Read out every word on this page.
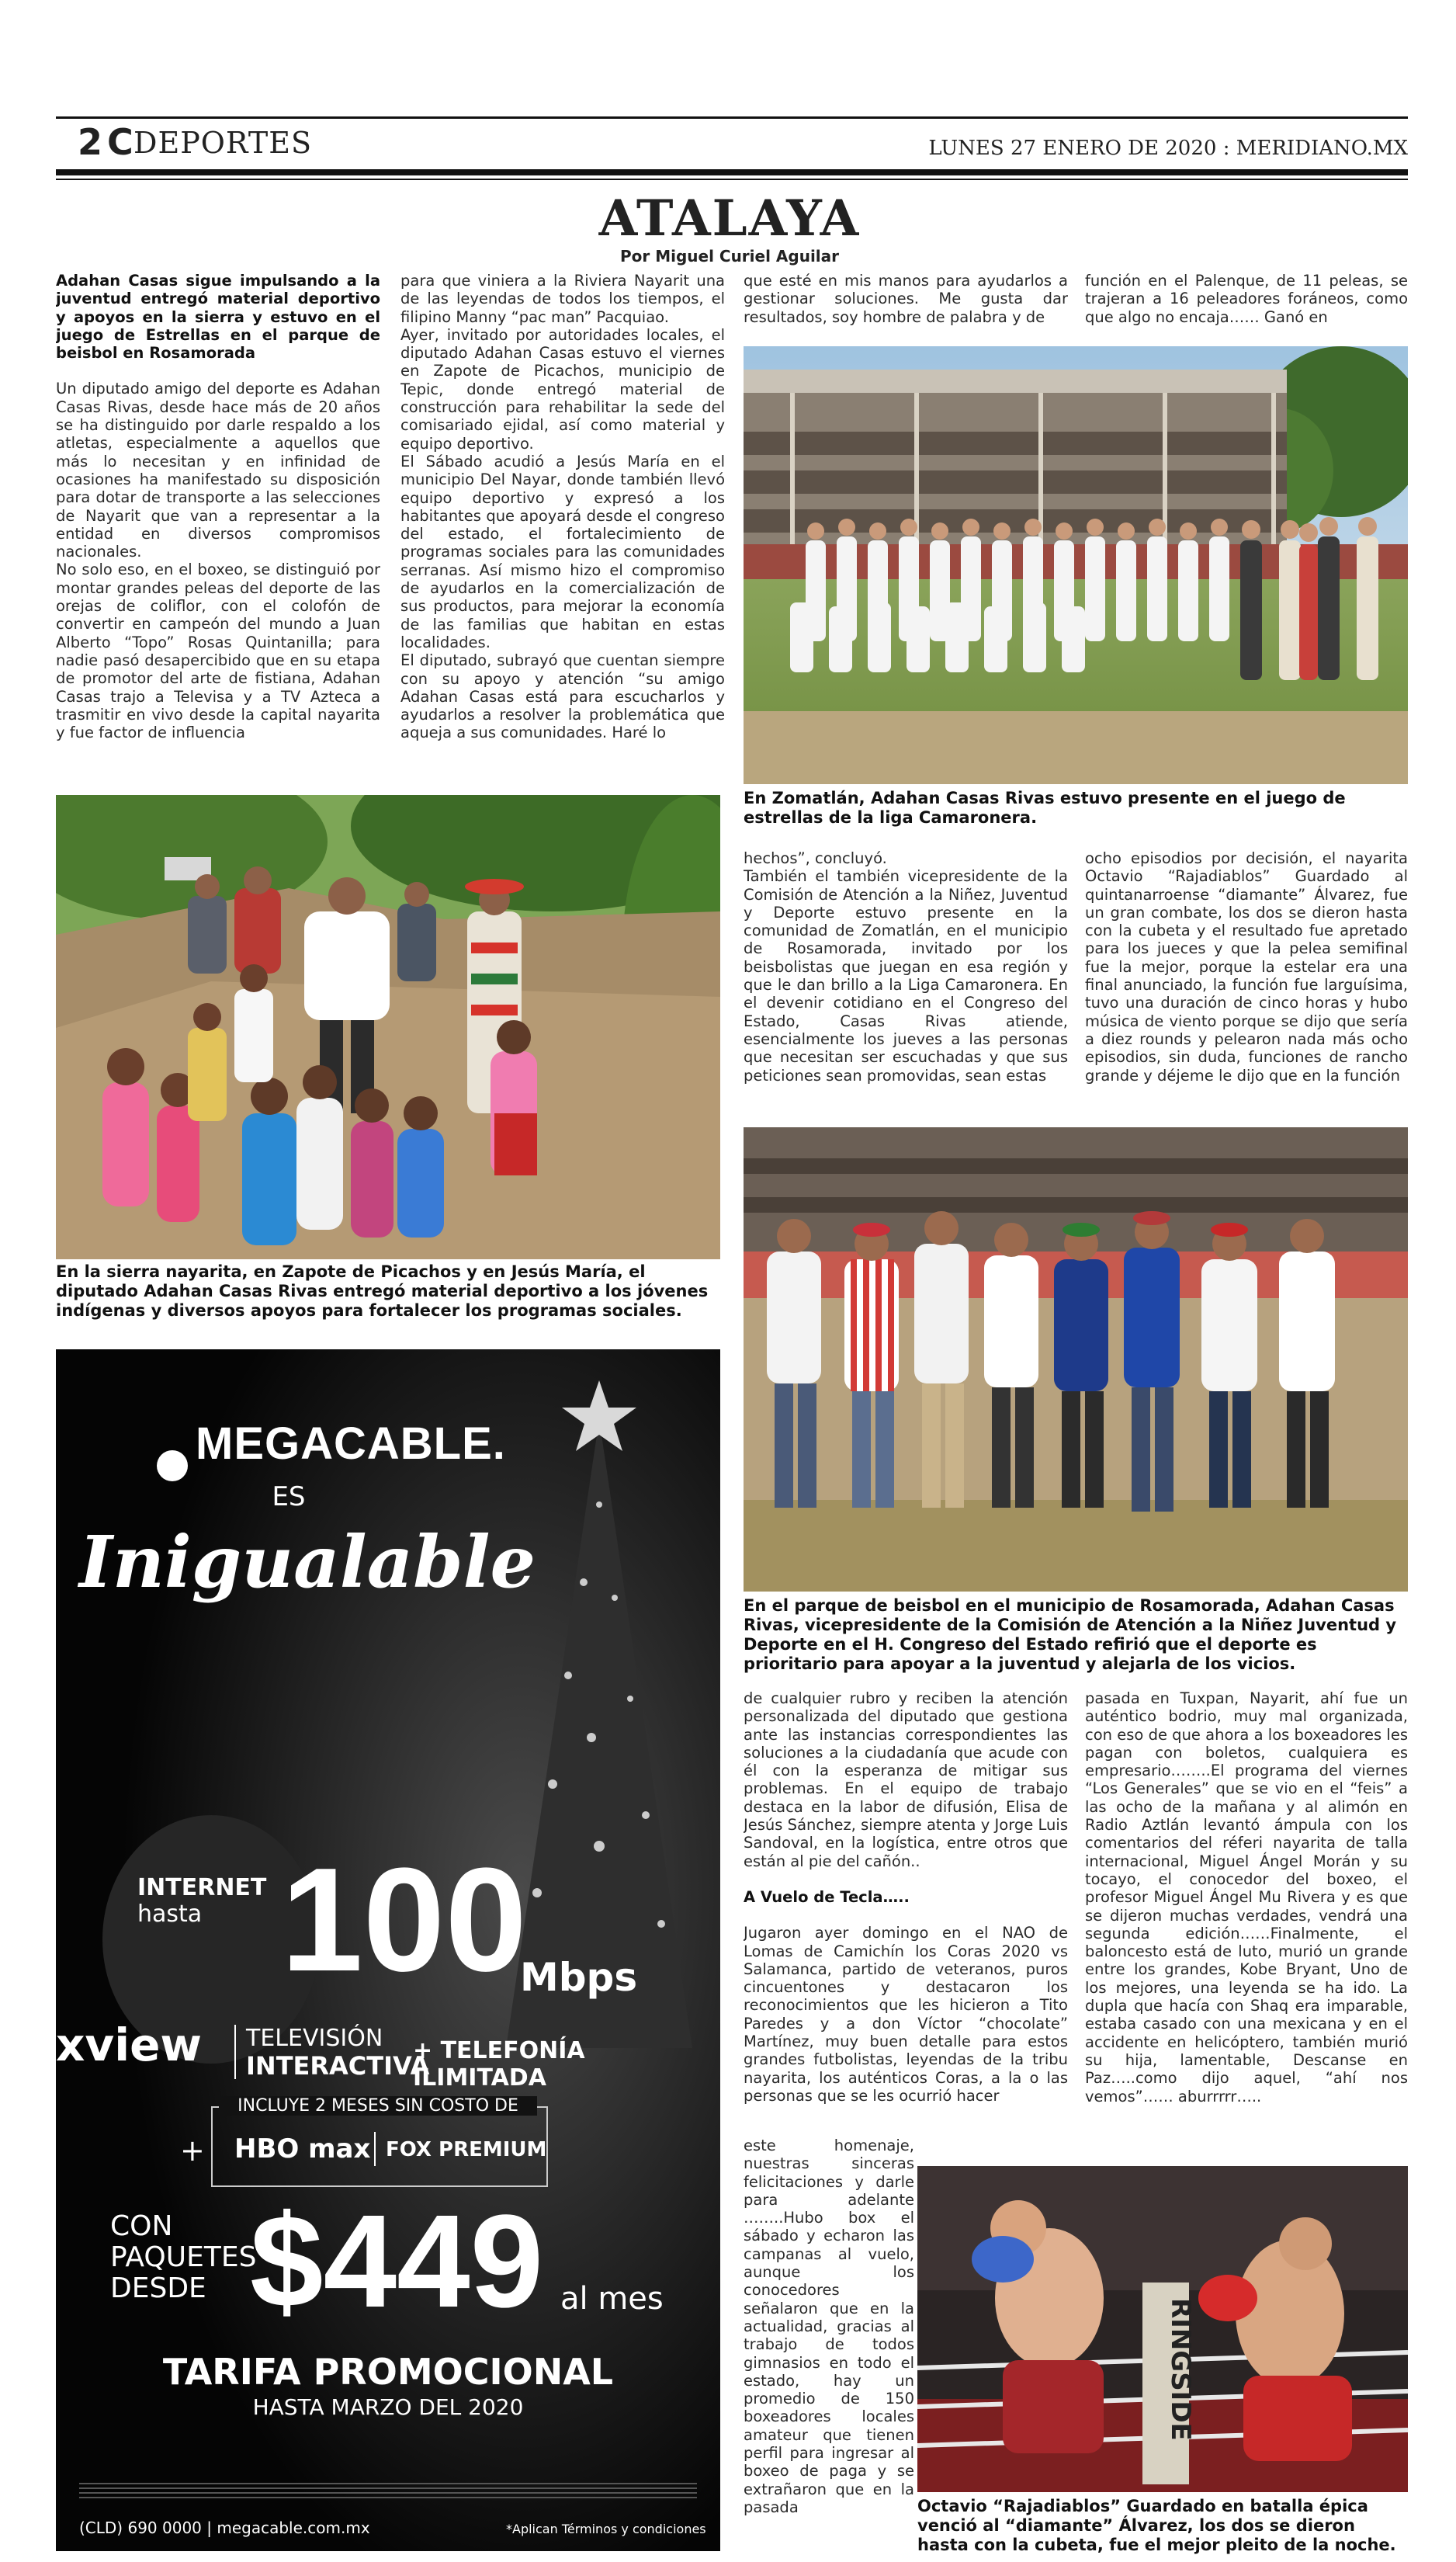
2C
DEPORTES	LUNES 27 ENERO DE 2020 : MERIDIANO.MX
ATALAYA
Por Miguel Curiel Aguilar

Adahan Casas sigue impulsando a la juventud entregó material deportivo y apoyos en la sierra y estuvo en el juego de Estrellas en el parque de beisbol en Rosamorada

Un diputado amigo del deporte es Adahan Casas Rivas, desde hace más de 20 años se ha distinguido por darle respaldo a los atletas, especialmente a aquellos que más lo necesitan y en infinidad de ocasiones ha manifestado su disposición para dotar de transporte a las selecciones de Nayarit que van a representar a la entidad en diversos compromisos nacionales.

No solo eso, en el boxeo, se distinguió por montar grandes peleas del deporte de las orejas de coliflor, con el colofón de convertir en campeón del mundo a Juan Alberto “Topo” Rosas Quintanilla; para nadie pasó desapercibido que en su etapa de promotor del arte de fistiana, Adahan Casas trajo a Televisa y a TV Azteca a trasmitir en vivo desde la capital nayarita y fue factor de influencia

para que viniera a la Riviera Nayarit una de las leyendas de todos los tiempos, el filipino Manny “pac man” Pacquiao.

Ayer, invitado por autoridades locales, el diputado Adahan Casas estuvo el viernes en Zapote de Picachos, municipio de Tepic, donde entregó material de construcción para rehabilitar la sede del comisariado ejidal, así como material y equipo deportivo.

El Sábado acudió a Jesús María en el municipio Del Nayar, donde también llevó equipo deportivo y expresó a los habitantes que apoyará desde el congreso del estado, el fortalecimiento de programas sociales para las comunidades serranas. Así mismo hizo el compromiso de ayudarlos en la comercialización de sus productos, para mejorar la economía de las familias que habitan en estas localidades.

El diputado, subrayó que cuentan siempre con su apoyo y atención “su amigo Adahan Casas está para escucharlos y ayudarlos a resolver la problemática que aqueja a sus comunidades. Haré lo

que esté en mis manos para ayudarlos a gestionar soluciones. Me gusta dar resultados, soy hombre de palabra y de

función en el Palenque, de 11 peleas, se trajeran a 16 peleadores foráneos, como que algo no encaja…… Ganó en

En Zomatlán, Adahan Casas Rivas estuvo presente en el juego de estrellas de la liga Camaronera.
En la sierra nayarita, en Zapote de Picachos y en Jesús María, el diputado Adahan Casas Rivas entregó material deportivo a los jóvenes indígenas y diversos apoyos para fortalecer los programas sociales.

hechos”, concluyó.

También el también vicepresidente de la Comisión de Atención a la Niñez, Juventud y Deporte estuvo presente en la comunidad de Zomatlán, en el municipio de Rosamorada, invitado por los beisbolistas que juegan en esa región y que le dan brillo a la Liga Camaronera. En el devenir cotidiano en el Congreso del Estado, Casas Rivas atiende, esencialmente los jueves a las personas que necesitan ser escuchadas y que sus peticiones sean promovidas, sean estas

ocho episodios por decisión, el nayarita Octavio “Rajadiablos” Guardado al quintanarroense “diamante” Álvarez, fue un gran combate, los dos se dieron hasta con la cubeta y el resultado fue apretado para los jueces y que la pelea semifinal fue la mejor, porque la estelar era una final anunciado, la función fue larguísima, tuvo una duración de cinco horas y hubo música de viento porque se dijo que sería a diez rounds y pelearon nada más ocho episodios, sin duda, funciones de rancho grande y déjeme le dijo que en la función

En el parque de beisbol en el municipio de Rosamorada, Adahan Casas Rivas, vicepresidente de la Comisión de Atención a la Niñez Juventud y Deporte en el H. Congreso del Estado refirió que el deporte es prioritario para apoyar a la juventud y alejarla de los vicios.

de cualquier rubro y reciben la atención personalizada del diputado que gestiona ante las instancias correspondientes las soluciones a la ciudadanía que acude con él con la esperanza de mitigar sus problemas. En el equipo de trabajo destaca en la labor de difusión, Elisa de Jesús Sánchez, siempre atenta y Jorge Luis Sandoval, en la logística, entre otros que están al pie del cañón..

A Vuelo de Tecla…..

Jugaron ayer domingo en el NAO de Lomas de Camichín los Coras 2020 vs Salamanca, partido de veteranos, puros cincuentones y destacaron los reconocimientos que les hicieron a Tito Paredes y a don Víctor “chocolate” Martínez, muy buen detalle para estos grandes futbolistas, leyendas de la tribu nayarita, los auténticos Coras, a la o las personas que se les ocurrió hacer

este homenaje, nuestras sinceras felicitaciones y darle para adelante ……..Hubo box el sábado y echaron las campanas al vuelo, aunque los conocedores señalaron que en la actualidad, gracias al trabajo de todos gimnasios en todo el estado, hay un promedio de 150 boxeadores locales amateur que tienen perfil para ingresar al boxeo de paga y se extrañaron que en la pasada

pasada en Tuxpan, Nayarit, ahí fue un auténtico bodrio, muy mal organizada, con eso de que ahora a los boxeadores les pagan con boletos, cualquiera es empresario……..El programa del viernes “Los Generales” que se vio en el “feis” a las ocho de la mañana y al alimón en Radio Aztlán levantó ámpula con los comentarios del réferi nayarita de talla internacional, Miguel Ángel Morán y su tocayo, el conocedor del boxeo, el profesor Miguel Ángel Mu Rivera y es que se dijeron muchas verdades, vendrá una segunda edición……Finalmente, el baloncesto está de luto, murió un grande entre los grandes, Kobe Bryant, Uno de los mejores, una leyenda se ha ido. La dupla que hacía con Shaq era imparable, estaba casado con una mexicana y en el accidente en helicóptero, también murió su hija, lamentable, Descanse en Paz…..como dijo aquel, “ahí nos vemos”…… aburrrrr…..

RINGSIDE
Octavio “Rajadiablos” Guardado en batalla épica venció al “diamante” Álvarez, los dos se dieron hasta con la cubeta, fue el mejor pleito de la noche.
MEGACABLE.
ES
Inigualable
INTERNET
hasta 100
Mbps
xview TELEVISIÓN
INTERACTIVA
+ TELEFONÍA ILIMITADA
INCLUYE 2 MESES SIN COSTO DE
+ HBO max FOX PREMIUM
CON PAQUETES DESDE $449 al mes
TARIFA PROMOCIONAL
HASTA MARZO DEL 2020
(CLD) 690 0000 | megacable.com.mx	*Aplican Términos y condiciones
